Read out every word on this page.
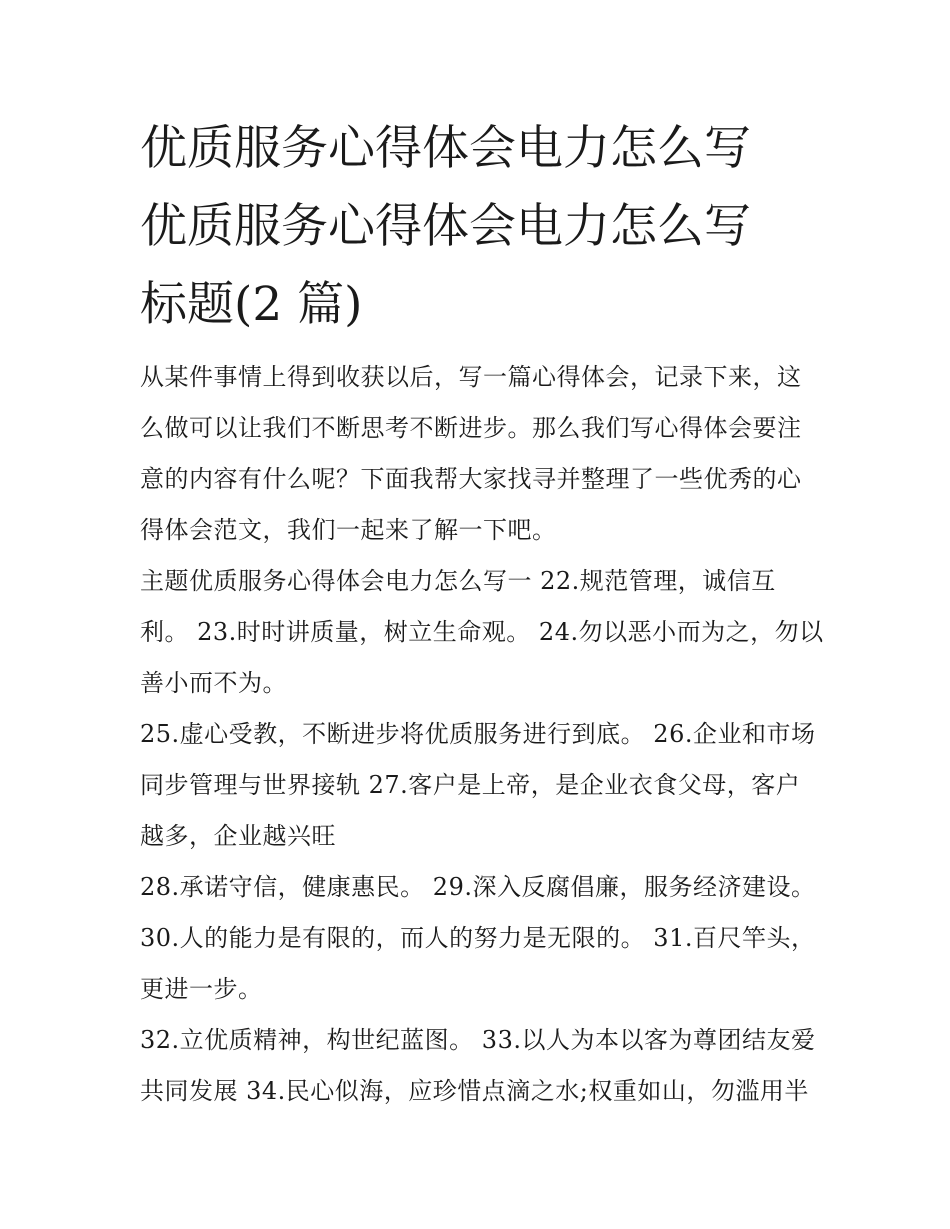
优质服务心得体会电力怎么写
优质服务心得体会电力怎么写
标题(2 篇)
从某件事情上得到收获以后，写一篇心得体会，记录下来，这
么做可以让我们不断思考不断进步。那么我们写心得体会要注
意的内容有什么呢？下面我帮大家找寻并整理了一些优秀的心
得体会范文，我们一起来了解一下吧。
主题优质服务心得体会电力怎么写一 22.规范管理，诚信互
利。 23.时时讲质量，树立生命观。 24.勿以恶小而为之，勿以
善小而不为。
25.虚心受教，不断进步将优质服务进行到底。 26.企业和市场
同步管理与世界接轨 27.客户是上帝，是企业衣食父母，客户
越多，企业越兴旺
28.承诺守信，健康惠民。 29.深入反腐倡廉，服务经济建设。
30.人的能力是有限的，而人的努力是无限的。 31.百尺竿头，
更进一步。
32.立优质精神，构世纪蓝图。 33.以人为本以客为尊团结友爱
共同发展 34.民心似海，应珍惜点滴之水;权重如山，勿滥用半
